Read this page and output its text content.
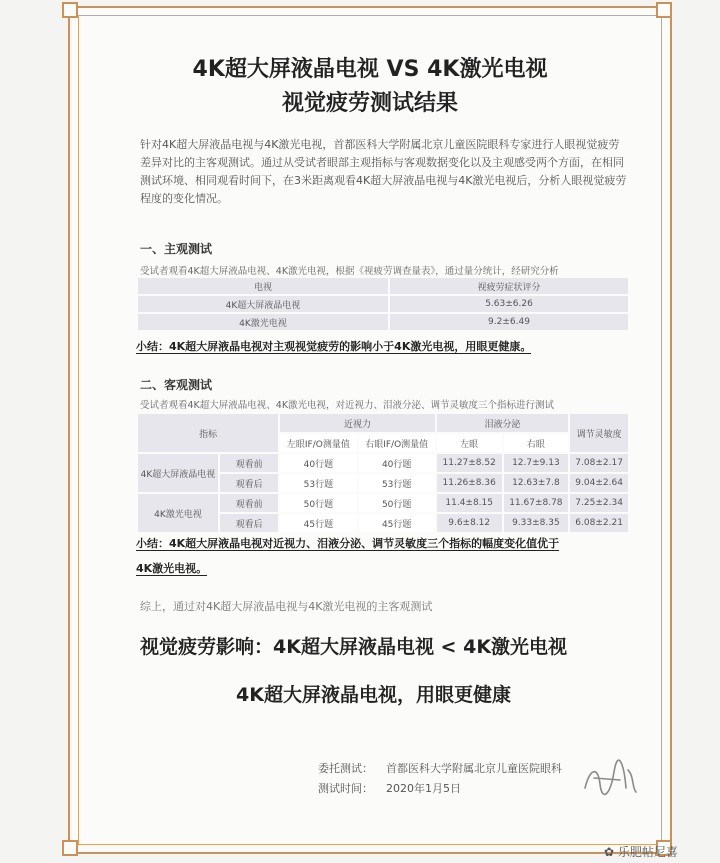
4K超大屏液晶电视 VS 4K激光电视
视觉疲劳测试结果
针对4K超大屏液晶电视与4K激光电视，首都医科大学附属北京儿童医院眼科专家进行人眼视觉疲劳差异对比的主客观测试。通过从受试者眼部主观指标与客观数据变化以及主观感受两个方面，在相同测试环境、相同观看时间下，在3米距离观看4K超大屏液晶电视与4K激光电视后，分析人眼视觉疲劳程度的变化情况。
一、主观测试
受试者观看4K超大屏液晶电视、4K激光电视，根据《视疲劳调查量表》，通过量分统计，经研究分析
电视	视疲劳症状评分
4K超大屏液晶电视	5.63±6.26
4K激光电视	9.2±6.49
小结：4K超大屏液晶电视对主观视觉疲劳的影响小于4K激光电视，用眼更健康。
二、客观测试
受试者观看4K超大屏液晶电视、4K激光电视，对近视力、泪液分泌、调节灵敏度三个指标进行测试
指标		近视力		泪液分泌		调节灵敏度
		左眼IF/O测量值	右眼IF/O测量值	左眼	右眼	
4K超大屏液晶电视	观看前	40行题	40行题	11.27±8.52	12.7±9.13	7.08±2.17
	观看后	53行题	53行题	11.26±8.36	12.63±7.8	9.04±2.64
4K激光电视	观看前	50行题	50行题	11.4±8.15	11.67±8.78	7.25±2.34
	观看后	45行题	45行题	9.6±8.12	9.33±8.35	6.08±2.21
小结：4K超大屏液晶电视对近视力、泪液分泌、调节灵敏度三个指标的幅度变化值优于
4K激光电视。
综上，通过对4K超大屏液晶电视与4K激光电视的主客观测试
视觉疲劳影响：4K超大屏液晶电视 < 4K激光电视
4K超大屏液晶电视，用眼更健康
委托测试： 首都医科大学附属北京儿童医院眼科
测试时间： 2020年1月5日
✿ 乐肥帖尼喜
